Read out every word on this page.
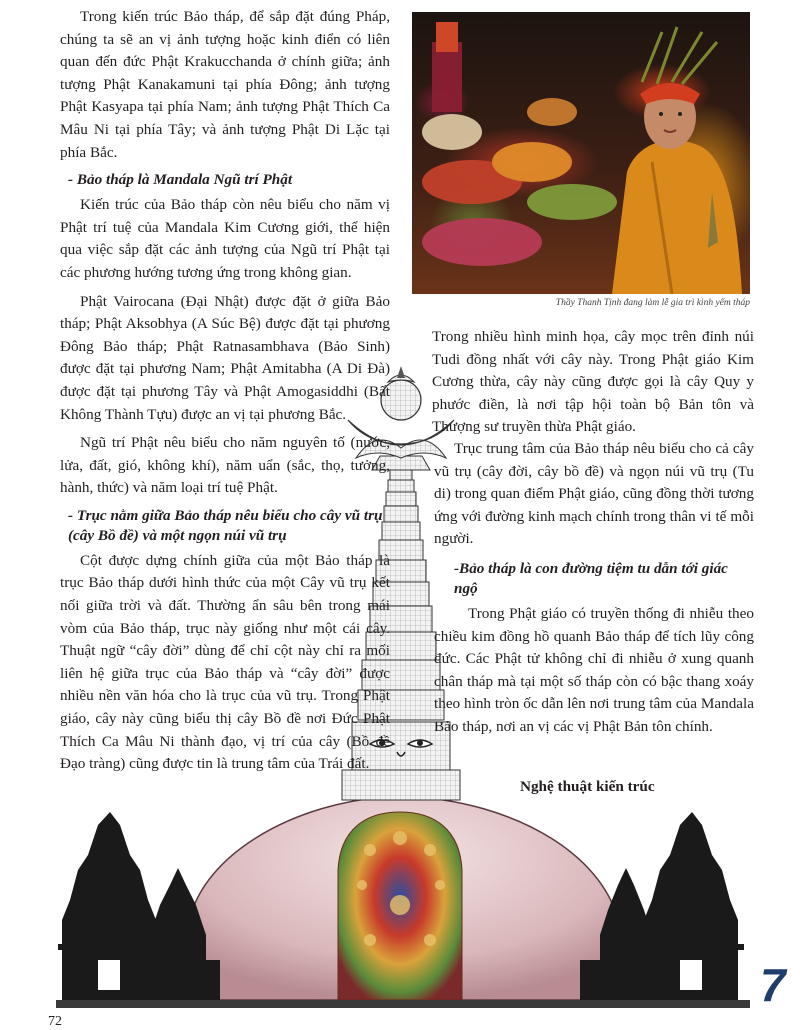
Trong kiến trúc Bảo tháp, để sắp đặt đúng Pháp, chúng ta sẽ an vị ảnh tượng hoặc kinh điển có liên quan đến đức Phật Krakucchanda ở chính giữa; ảnh tượng Phật Kanakamuni tại phía Đông; ảnh tượng Phật Kasyapa tại phía Nam; ảnh tượng Phật Thích Ca Mâu Ni tại phía Tây; và ảnh tượng Phật Di Lặc tại phía Bắc.

- Bảo tháp là Mandala Ngũ trí Phật

Kiến trúc của Bảo tháp còn nêu biểu cho năm vị Phật trí tuệ của Mandala Kim Cương giới, thể hiện qua việc sắp đặt các ảnh tượng của Ngũ trí Phật tại các phương hướng tương ứng trong không gian.

Phật Vairocana (Đại Nhật) được đặt ở giữa Bảo tháp; Phật Aksobhya (A Súc Bệ) được đặt tại phương Đông Bảo tháp; Phật Ratnasambhava (Bảo Sinh) được đặt tại phương Nam; Phật Amitabha (A Di Đà) được đặt tại phương Tây và Phật Amogasiddhi (Bất Không Thành Tựu) được an vị tại phương Bắc.

Ngũ trí Phật nêu biểu cho năm nguyên tố (nước, lửa, đất, gió, không khí), năm uẩn (sắc, thọ, tưởng, hành, thức) và năm loại trí tuệ Phật.

- Trục nằm giữa Bảo tháp nêu biểu cho cây vũ trụ (cây Bồ đề) và một ngọn núi vũ trụ

Cột được dựng chính giữa của một Bảo tháp là trục Bảo tháp dưới hình thức của một Cây vũ trụ kết nối giữa trời và đất. Thường ẩn sâu bên trong mái vòm của Bảo tháp, trục này giống như một cái cây. Thuật ngữ “cây đời” dùng để chỉ cột này chỉ ra mối liên hệ giữa trục của Bảo tháp và “cây đời” được nhiều nền văn hóa cho là trục của vũ trụ. Trong Phật giáo, cây này cũng biểu thị cây Bồ đề nơi Đức Phật Thích Ca Mâu Ni thành đạo, vị trí của cây (Bồ đề Đạo tràng) cũng được tin là trung tâm của Trái đất.

Thầy Thanh Tịnh đang làm lễ gia trì kinh yểm tháp

Trong nhiều hình minh họa, cây mọc trên đỉnh núi Tudi đồng nhất với cây này. Trong Phật giáo Kim Cương thừa, cây này cũng được gọi là cây Quy y phước điền, là nơi tập hội toàn bộ Bản tôn và Thượng sư truyền thừa Phật giáo.

Trục trung tâm của Bảo tháp nêu biểu cho cả cây vũ trụ (cây đời, cây bồ đề) và ngọn núi vũ trụ (Tu di) trong quan điểm Phật giáo, cũng đồng thời tương ứng với đường kinh mạch chính trong thân vi tế mỗi người.

-Bảo tháp là con đường tiệm tu dẫn tới giác ngộ

Trong Phật giáo có truyền thống đi nhiễu theo chiều kim đồng hồ quanh Bảo tháp để tích lũy công đức. Các Phật tử không chỉ đi nhiễu ở xung quanh chân tháp mà tại một số tháp còn có bậc thang xoáy theo hình tròn ốc dẫn lên nơi trung tâm của Mandala Bảo tháp, nơi an vị các vị Phật Bản tôn chính.

Nghệ thuật kiến trúc
72
7
